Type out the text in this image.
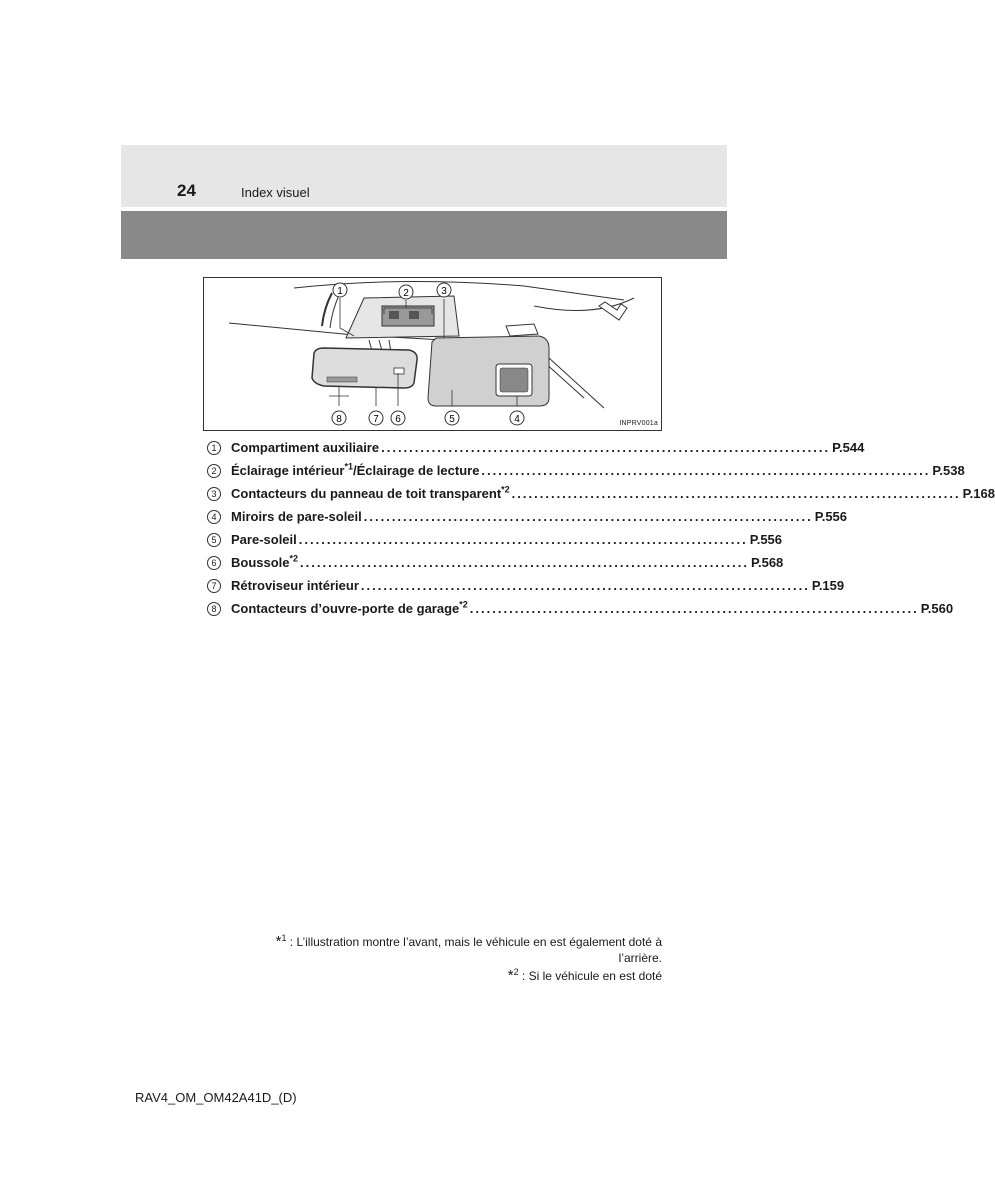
24	Index visuel
1	2	3
4
5
6
7
8	INPRV001a
1	Compartiment auxiliaire ................................................................................ P.544
2	Éclairage intérieur$^{*1}$/Éclairage de lecture ................................................................................ P.538
3	Contacteurs du panneau de toit transparent$^{*2}$ ................................................................................ P.168
4	Miroirs de pare-soleil ................................................................................ P.556
5	Pare-soleil ................................................................................ P.556
6	Boussole$^{*2}$ ................................................................................ P.568
7	Rétroviseur intérieur ................................................................................ P.159
8	Contacteurs d’ouvre-porte de garage$^{*2}$ ................................................................................ P.560
*$^1$ : L’illustration montre l’avant, mais le véhicule en est également doté à
l’arrière.
*$^2$ : Si le véhicule en est doté
RAV4_OM_OM42A41D_(D)
